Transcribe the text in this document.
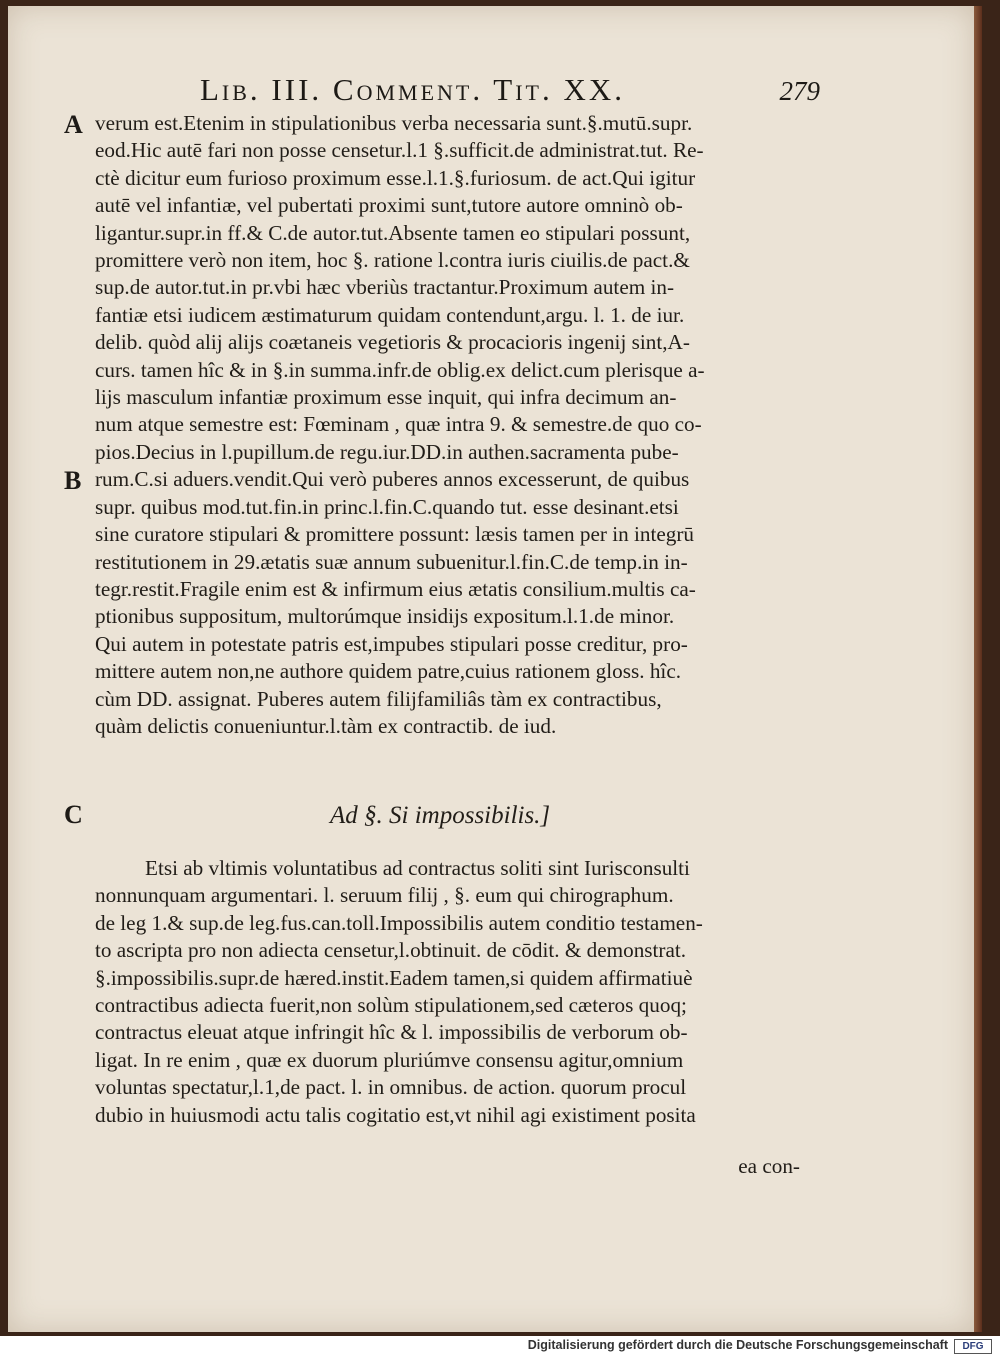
Lib. III. Comment. Tit. XX.	279
A
B
C
verum est.Etenim in stipulationibus verba necessaria sunt.§.mutū.supr.
eod.Hic autē fari non posse censetur.l.1 §.sufficit.de administrat.tut. Re-
ctè dicitur eum furioso proximum esse.l.1.§.furiosum. de act.Qui igitur
autē vel infantiæ, vel pubertati proximi sunt,tutore autore omninò ob-
ligantur.supr.in ff.& C.de autor.tut.Absente tamen eo stipulari possunt,
promittere verò non item, hoc §. ratione l.contra iuris ciuilis.de pact.&
sup.de autor.tut.in pr.vbi hæc vberiùs tractantur.Proximum autem in-
fantiæ etsi iudicem æstimaturum quidam contendunt,argu. l. 1. de iur.
delib. quòd alij alijs coætaneis vegetioris & procacioris ingenij sint,A-
curs. tamen hîc & in §.in summa.infr.de oblig.ex delict.cum plerisque a-
lijs masculum infantiæ proximum esse inquit, qui infra decimum an-
num atque semestre est: Fœminam , quæ intra 9. & semestre.de quo co-
pios.Decius in l.pupillum.de regu.iur.DD.in authen.sacramenta pube-
rum.C.si aduers.vendit.Qui verò puberes annos excesserunt, de quibus
supr. quibus mod.tut.fin.in princ.l.fin.C.quando tut. esse desinant.etsi
sine curatore stipulari & promittere possunt: læsis tamen per in integrū
restitutionem in 29.ætatis suæ annum subuenitur.l.fin.C.de temp.in in-
tegr.restit.Fragile enim est & infirmum eius ætatis consilium.multis ca-
ptionibus suppositum, multorúmque insidijs expositum.l.1.de minor.
Qui autem in potestate patris est,impubes stipulari posse creditur, pro-
mittere autem non,ne authore quidem patre,cuius rationem gloss. hîc.
cùm DD. assignat. Puberes autem filijfamiliâs tàm ex contractibus,
quàm delictis conueniuntur.l.tàm ex contractib. de iud.
Ad §. Si impossibilis.]
Etsi ab vltimis voluntatibus ad contractus soliti sint Iurisconsulti
nonnunquam argumentari. l. seruum filij , §. eum qui chirographum.
de leg 1.& sup.de leg.fus.can.toll.Impossibilis autem conditio testamen-
to ascripta pro non adiecta censetur,l.obtinuit. de cōdit. & demonstrat.
§.impossibilis.supr.de hæred.instit.Eadem tamen,si quidem affirmatiuè
contractibus adiecta fuerit,non solùm stipulationem,sed cæteros quoq;
contractus eleuat atque infringit hîc & l. impossibilis de verborum ob-
ligat. In re enim , quæ ex duorum pluriúmve consensu agitur,omnium
voluntas spectatur,l.1,de pact. l. in omnibus. de action. quorum procul
dubio in huiusmodi actu talis cogitatio est,vt nihil agi existiment posita
ea con-
Digitalisierung gefördert durch die Deutsche Forschungsgemeinschaft	DFG
